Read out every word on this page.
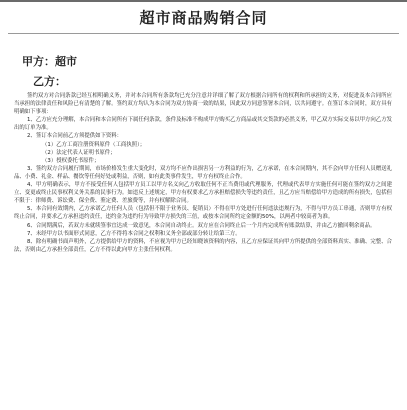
超市商品购销合同
甲方：超市
乙方：

签约双方对合同条款已经互相明确义务，并对本合同所有条款均已充分注意并详细了解了双方根据合同所有的权利和所承担的义务，对促进及本合同所应当承担的法律责任和风险已有清楚的了解。签约双方均认为本合同为双方协商一致的结果，因此双方同意签署本合同，以共同遵守。在签订本合同时，双方具有明确如下事项：

1、乙方应充分理解，本合同和本合同所有下属任何条款，条件及标准不构成甲方购买乙方商品或其交货款的必然义务，甲乙双方实际交易以甲方向乙方发出的订单为准。

2、签订本合同前乙方须提供如下资料：

（1）乙方工商注册资料原件（工商执照）；

（2）法定代表人证明书原件；

（3）授权委托书原件；

3、签约双方合同履行期间，市场价格发生重大变化时，双方均不应作出损害另一方利益的行为，乙方承诺，在本合同期内，其不会向甲方任何人员赠送礼品、小费、礼金、样品、餐饮等任何好处或利益，否则，如有此类事件发生，甲方有权终止合作。

4、甲方明确表示，甲方不接受任何人包括甲方员工以甲方名义向乙方收取任何不正当费用或代理服务，代理或代表甲方实施任何可能在签约双方之间建立、变更或终止民事权利义务关系的民事行为。如违反上述规定，甲方有权要求乙方承担赔偿损失等违约责任，且乙方应当赔偿给甲方造成的所有损失，包括但不限于：律师费、诉讼费、保全费、鉴定费、差旅费等，并有权解除合同。

5、本合同有效期内，乙方承诺乙方任何人员（包括但不限于业务员、促销员）不得在甲方处进行任何违法违规行为，不得与甲方员工串通，否则甲方有权终止合同，并要求乙方承担违约责任，违约金为违约行为导致甲方损失的三倍，或按本合同所约定金额的50%，以两者中较高者为准。

6、合同期满后，若双方未就续签事宜达成一致意见，本合同自动终止。双方应在合同终止后一个月内完成所有账款结算，并由乙方撤回剩余商品。

7、未经甲方以书面形式同意，乙方不得将本合同之权利和义务全部或部分转让给第三方。

8、除有明确书面声明外，乙方提供给甲方的资料，不应视为甲方已经知晓该资料的内容，且乙方应保证其向甲方所提供的全部资料真实、准确、完整、合法，否则由乙方承担全部责任，乙方不得以此向甲方主张任何权利。
